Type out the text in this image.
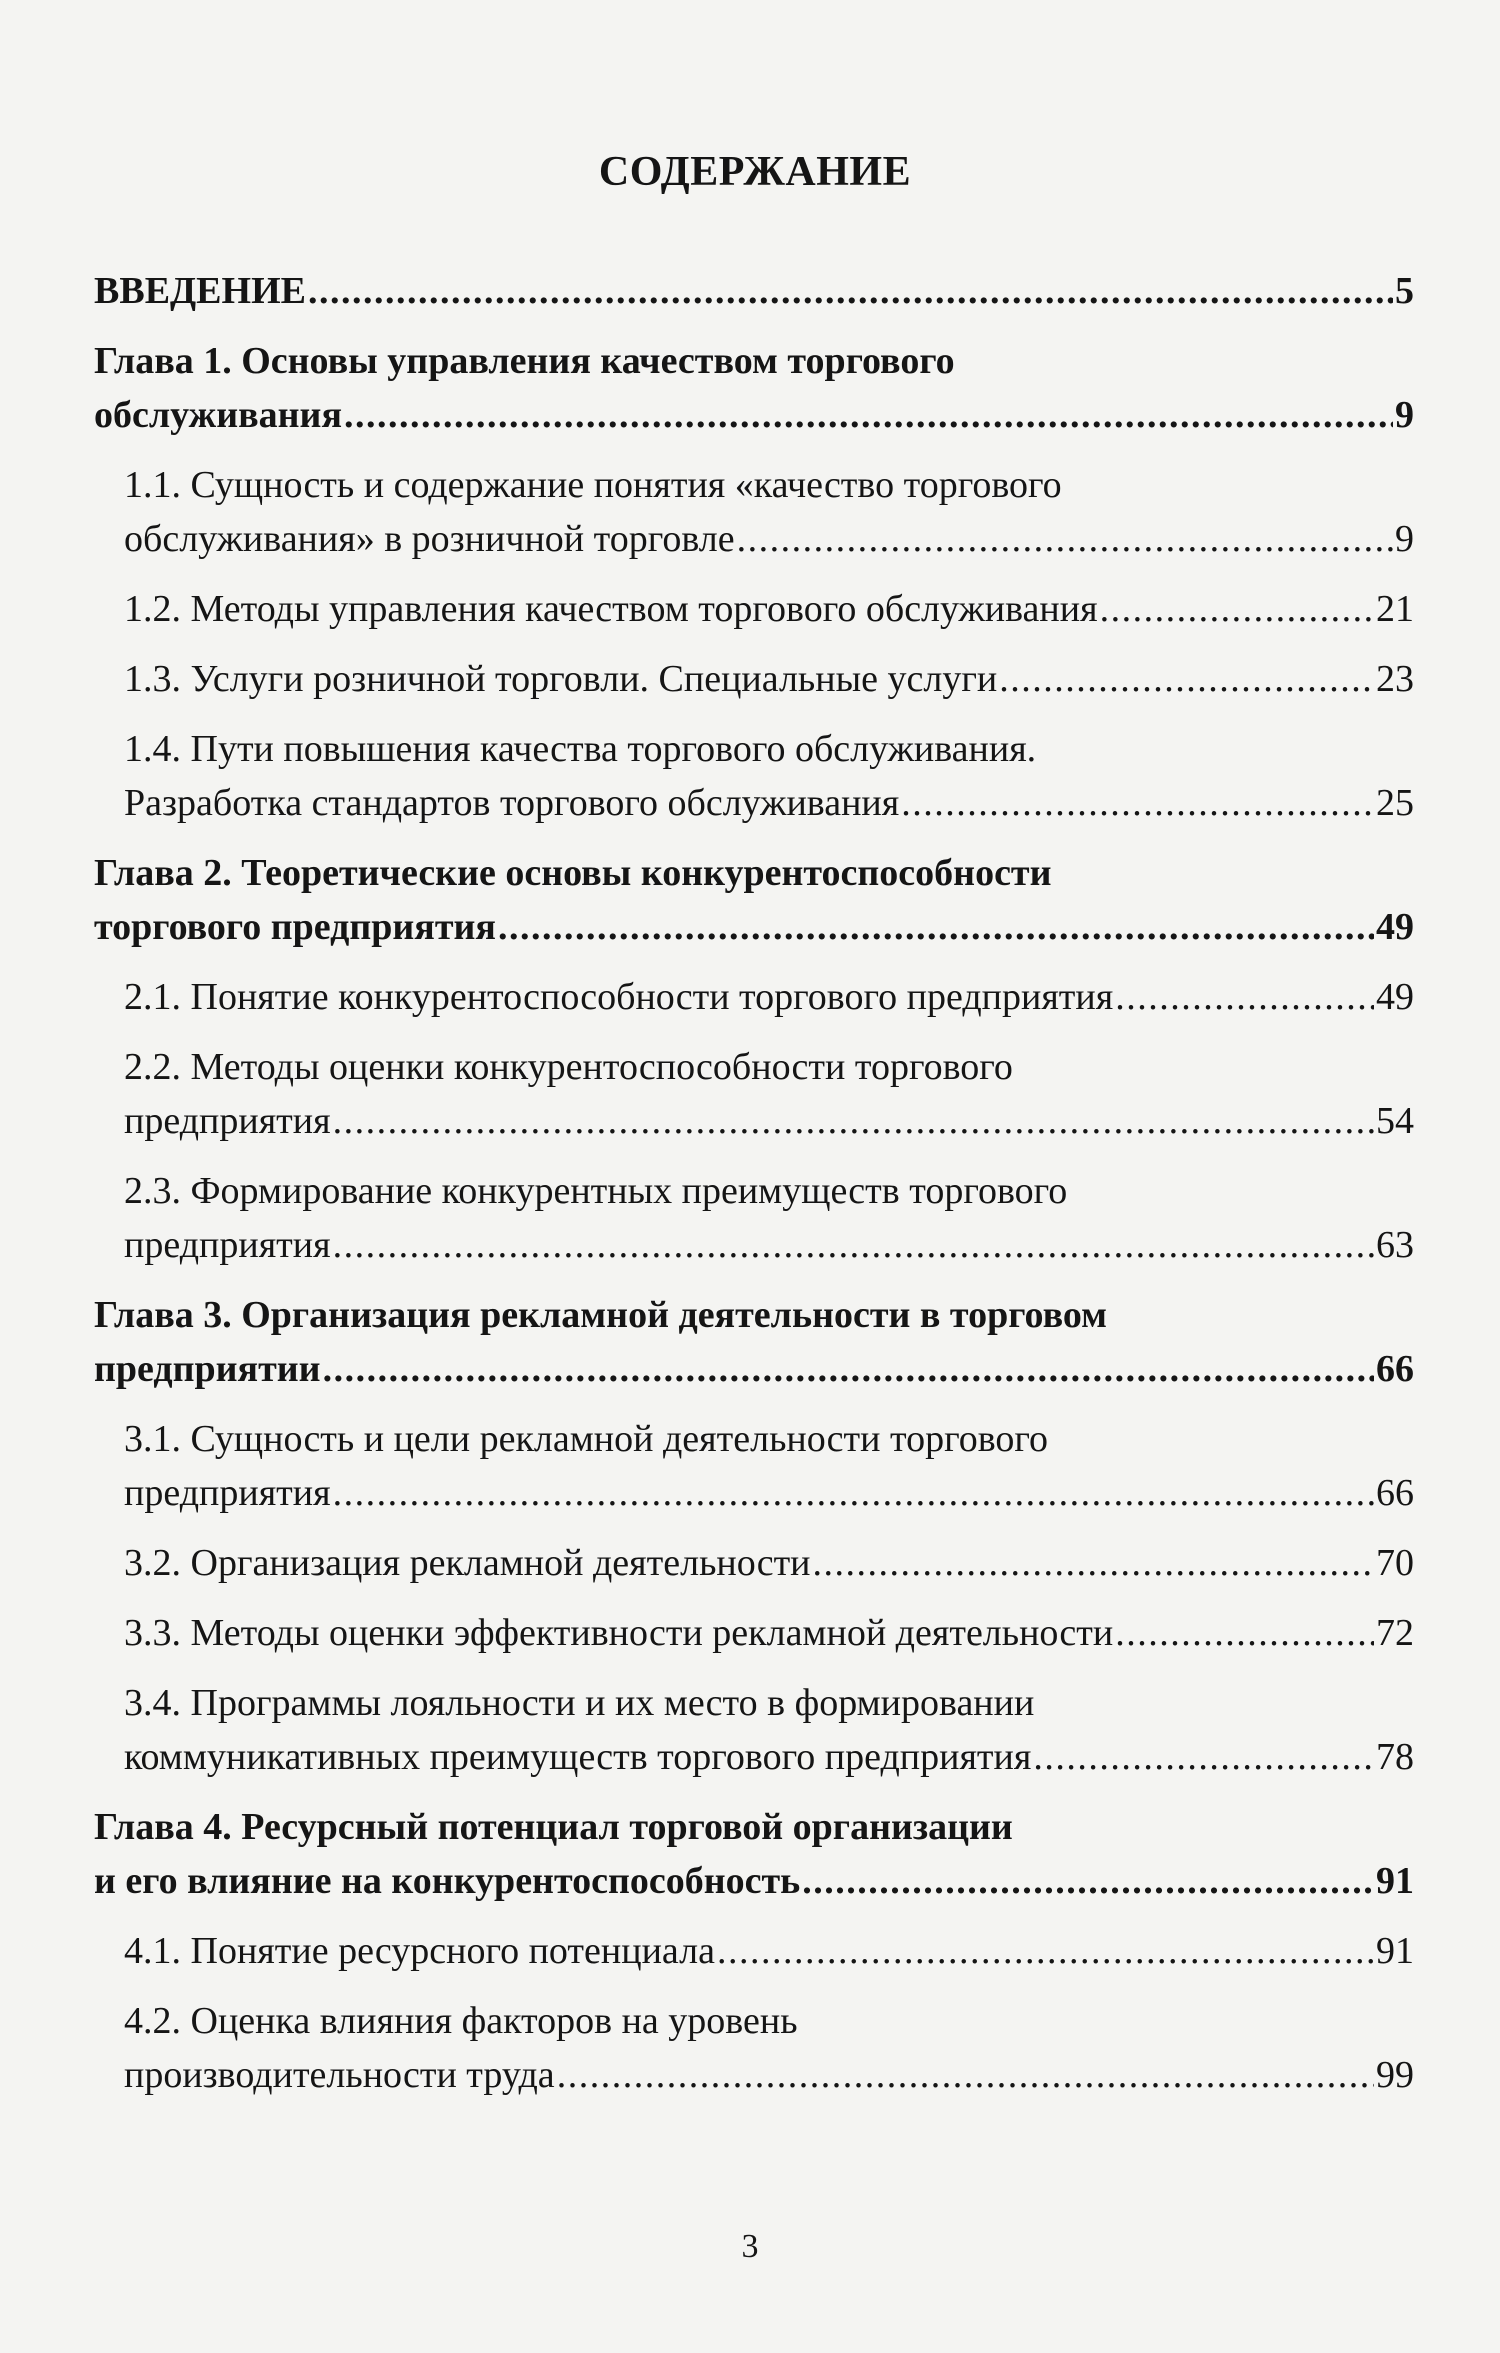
СОДЕРЖАНИЕ
ВВЕДЕНИЕ . . .	5
Глава 1. Основы управления качеством торгового
обслуживания . . .	9
1.1. Сущность и содержание понятия «качество торгового
обслуживания» в розничной торговле . . .	9
1.2. Методы управления качеством торгового обслуживания . . .	21
1.3. Услуги розничной торговли. Специальные услуги . . .	23
1.4. Пути повышения качества торгового обслуживания.
Разработка стандартов торгового обслуживания . . .	25
Глава 2. Теоретические основы конкурентоспособности
торгового предприятия . . .	49
2.1. Понятие конкурентоспособности торгового предприятия . . .	49
2.2. Методы оценки конкурентоспособности торгового
предприятия . . .	54
2.3. Формирование конкурентных преимуществ торгового
предприятия . . .	63
Глава 3. Организация рекламной деятельности в торговом
предприятии . . .	66
3.1. Сущность и цели рекламной деятельности торгового
предприятия . . .	66
3.2. Организация рекламной деятельности . . .	70
3.3. Методы оценки эффективности рекламной деятельности . . .	72
3.4. Программы лояльности и их место в формировании
коммуникативных преимуществ торгового предприятия . . .	78
Глава 4. Ресурсный потенциал торговой организации
и его влияние на конкурентоспособность . . .	91
4.1. Понятие ресурсного потенциала . . .	91
4.2. Оценка влияния факторов на уровень
производительности труда . . .	99
3
